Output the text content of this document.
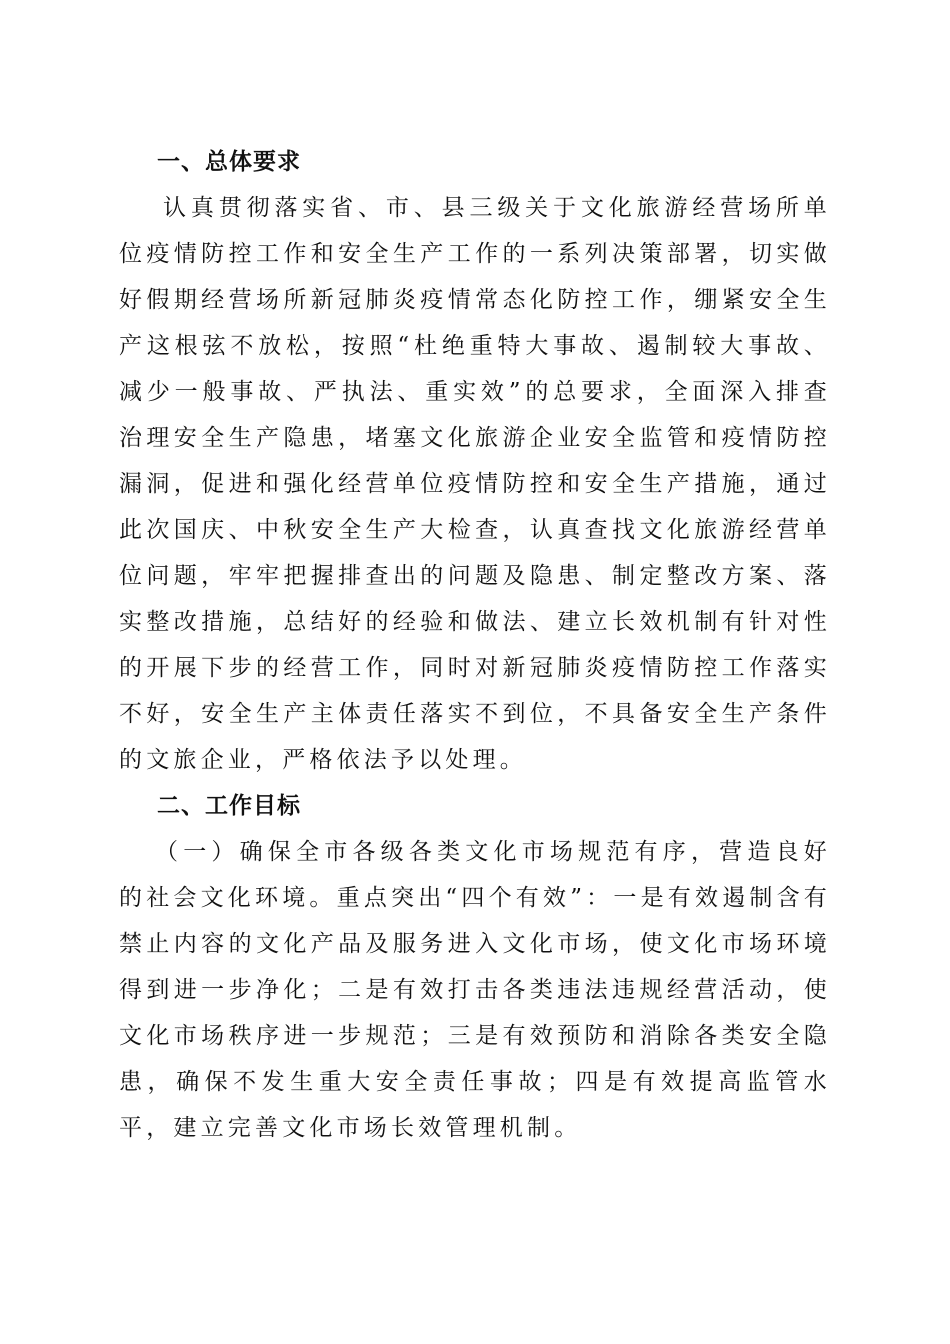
一、总体要求

认真贯彻落实省、市、县三级关于文化旅游经营场所单位疫情防控工作和安全生产工作的一系列决策部署，切实做好假期经营场所新冠肺炎疫情常态化防控工作，绷紧安全生产这根弦不放松，按照“杜绝重特大事故、遏制较大事故、减少一般事故、严执法、重实效”的总要求，全面深入排查治理安全生产隐患，堵塞文化旅游企业安全监管和疫情防控漏洞，促进和强化经营单位疫情防控和安全生产措施，通过此次国庆、中秋安全生产大检查，认真查找文化旅游经营单位问题，牢牢把握排查出的问题及隐患、制定整改方案、落实整改措施，总结好的经验和做法、建立长效机制有针对性的开展下步的经营工作，同时对新冠肺炎疫情防控工作落实不好，安全生产主体责任落实不到位，不具备安全生产条件的文旅企业，严格依法予以处理。

二、工作目标

（一）确保全市各级各类文化市场规范有序，营造良好的社会文化环境。重点突出“四个有效”：一是有效遏制含有禁止内容的文化产品及服务进入文化市场，使文化市场环境得到进一步净化；二是有效打击各类违法违规经营活动，使文化市场秩序进一步规范；三是有效预防和消除各类安全隐患，确保不发生重大安全责任事故；四是有效提高监管水平，建立完善文化市场长效管理机制。
